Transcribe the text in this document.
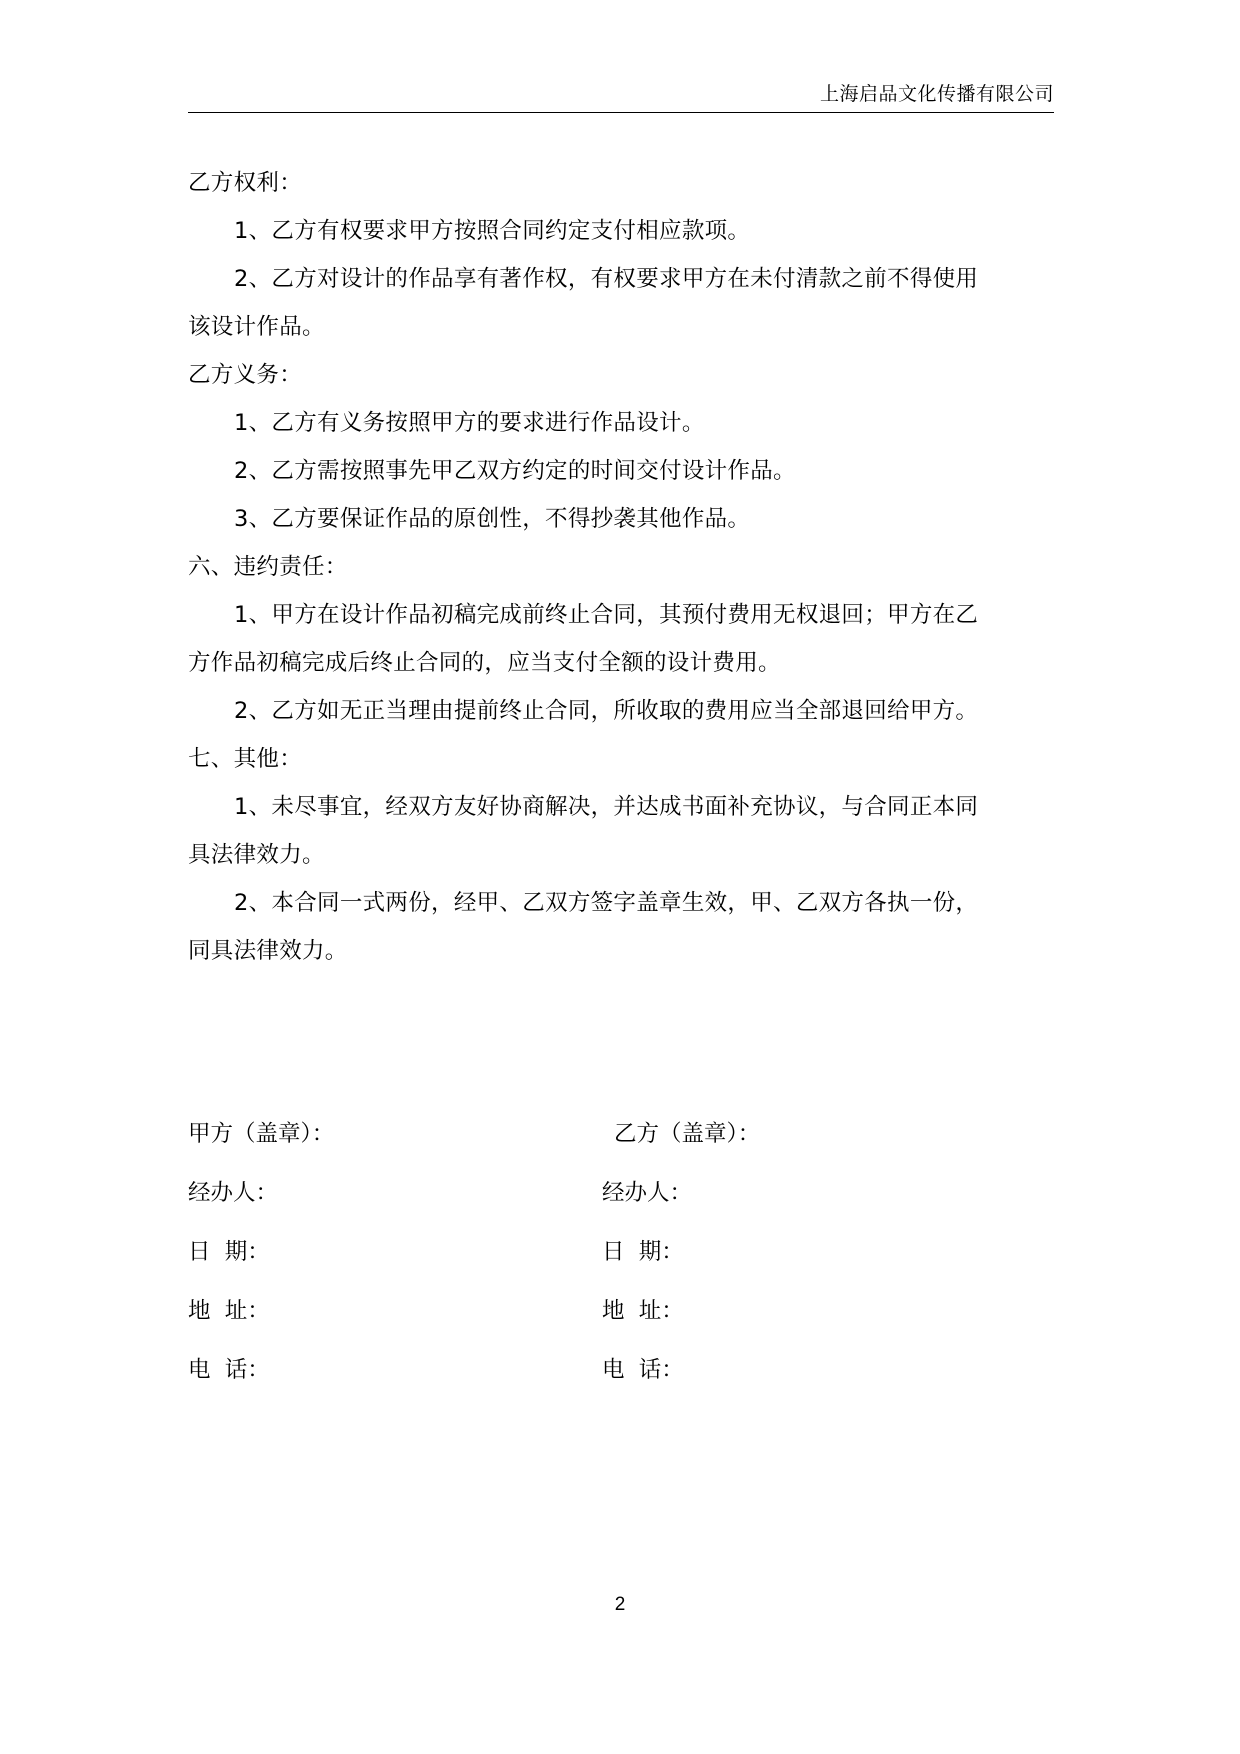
上海启品文化传播有限公司
乙方权利：
1、乙方有权要求甲方按照合同约定支付相应款项。
2、乙方对设计的作品享有著作权，有权要求甲方在未付清款之前不得使用
该设计作品。
乙方义务：
1、乙方有义务按照甲方的要求进行作品设计。
2、乙方需按照事先甲乙双方约定的时间交付设计作品。
3、乙方要保证作品的原创性，不得抄袭其他作品。
六、违约责任：
1、甲方在设计作品初稿完成前终止合同，其预付费用无权退回；甲方在乙
方作品初稿完成后终止合同的，应当支付全额的设计费用。
2、乙方如无正当理由提前终止合同，所收取的费用应当全部退回给甲方。
七、其他：
1、未尽事宜，经双方友好协商解决，并达成书面补充协议，与合同正本同
具法律效力。
2、本合同一式两份，经甲、乙双方签字盖章生效，甲、乙双方各执一份，
同具法律效力。
甲方（盖章）：	乙方（盖章）：
经办人：	经办人：
日  期：	日  期：
地  址：	地  址：
电  话：	电  话：
2
